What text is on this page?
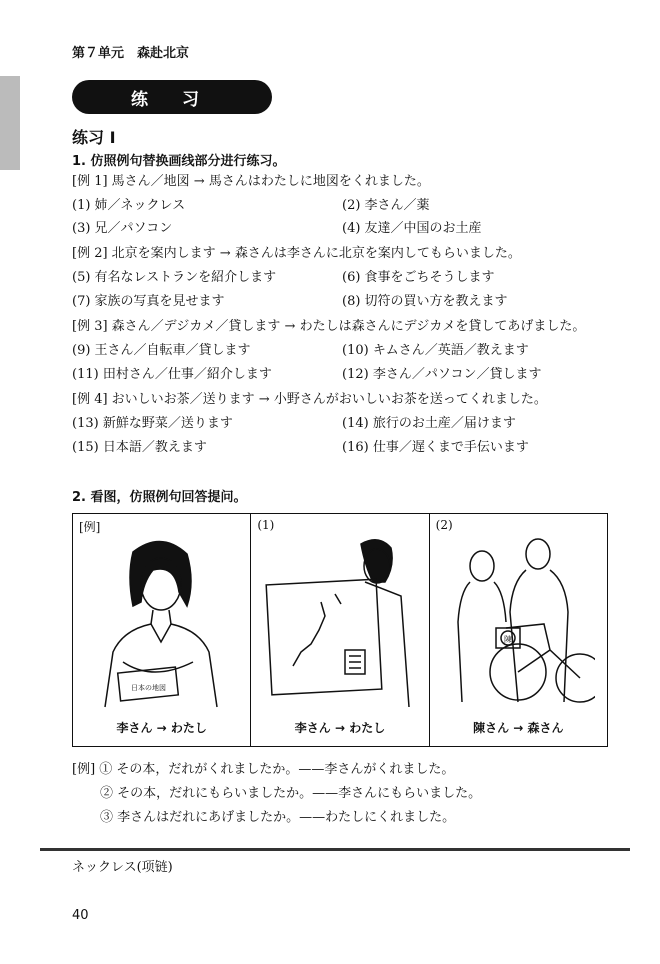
第７单元　森赴北京
练 习
练习 Ⅰ
1. 仿照例句替换画线部分进行练习。
[例 1] 馬さん／地図 → 馬さんはわたしに地図をくれました。
(1) 姉／ネックレス	(2) 李さん／薬
(3) 兄／パソコン	(4) 友達／中国のお土産
[例 2] 北京を案内します → 森さんは李さんに北京を案内してもらいました。
(5) 有名なレストランを紹介します	(6) 食事をごちそうします
(7) 家族の写真を見せます	(8) 切符の買い方を教えます
[例 3] 森さん／デジカメ／貸します → わたしは森さんにデジカメを貸してあげました。
(9) 王さん／自転車／貸します	(10) キムさん／英語／教えます
(11) 田村さん／仕事／紹介します	(12) 李さん／パソコン／貸します
[例 4] おいしいお茶／送ります → 小野さんがおいしいお茶を送ってくれました。
(13) 新鮮な野菜／送ります	(14) 旅行のお土産／届けます
(15) 日本語／教えます	(16) 仕事／遅くまで手伝います
2. 看图，仿照例句回答提问。
[例]
日本の地図
李さん → わたし
(1)
李さん → わたし
(2)
陳
陳さん → 森さん
[例] ① その本，だれがくれましたか。——李さんがくれました。
② その本，だれにもらいましたか。——李さんにもらいました。
③ 李さんはだれにあげましたか。——わたしにくれました。
ネックレス(项链)
40
